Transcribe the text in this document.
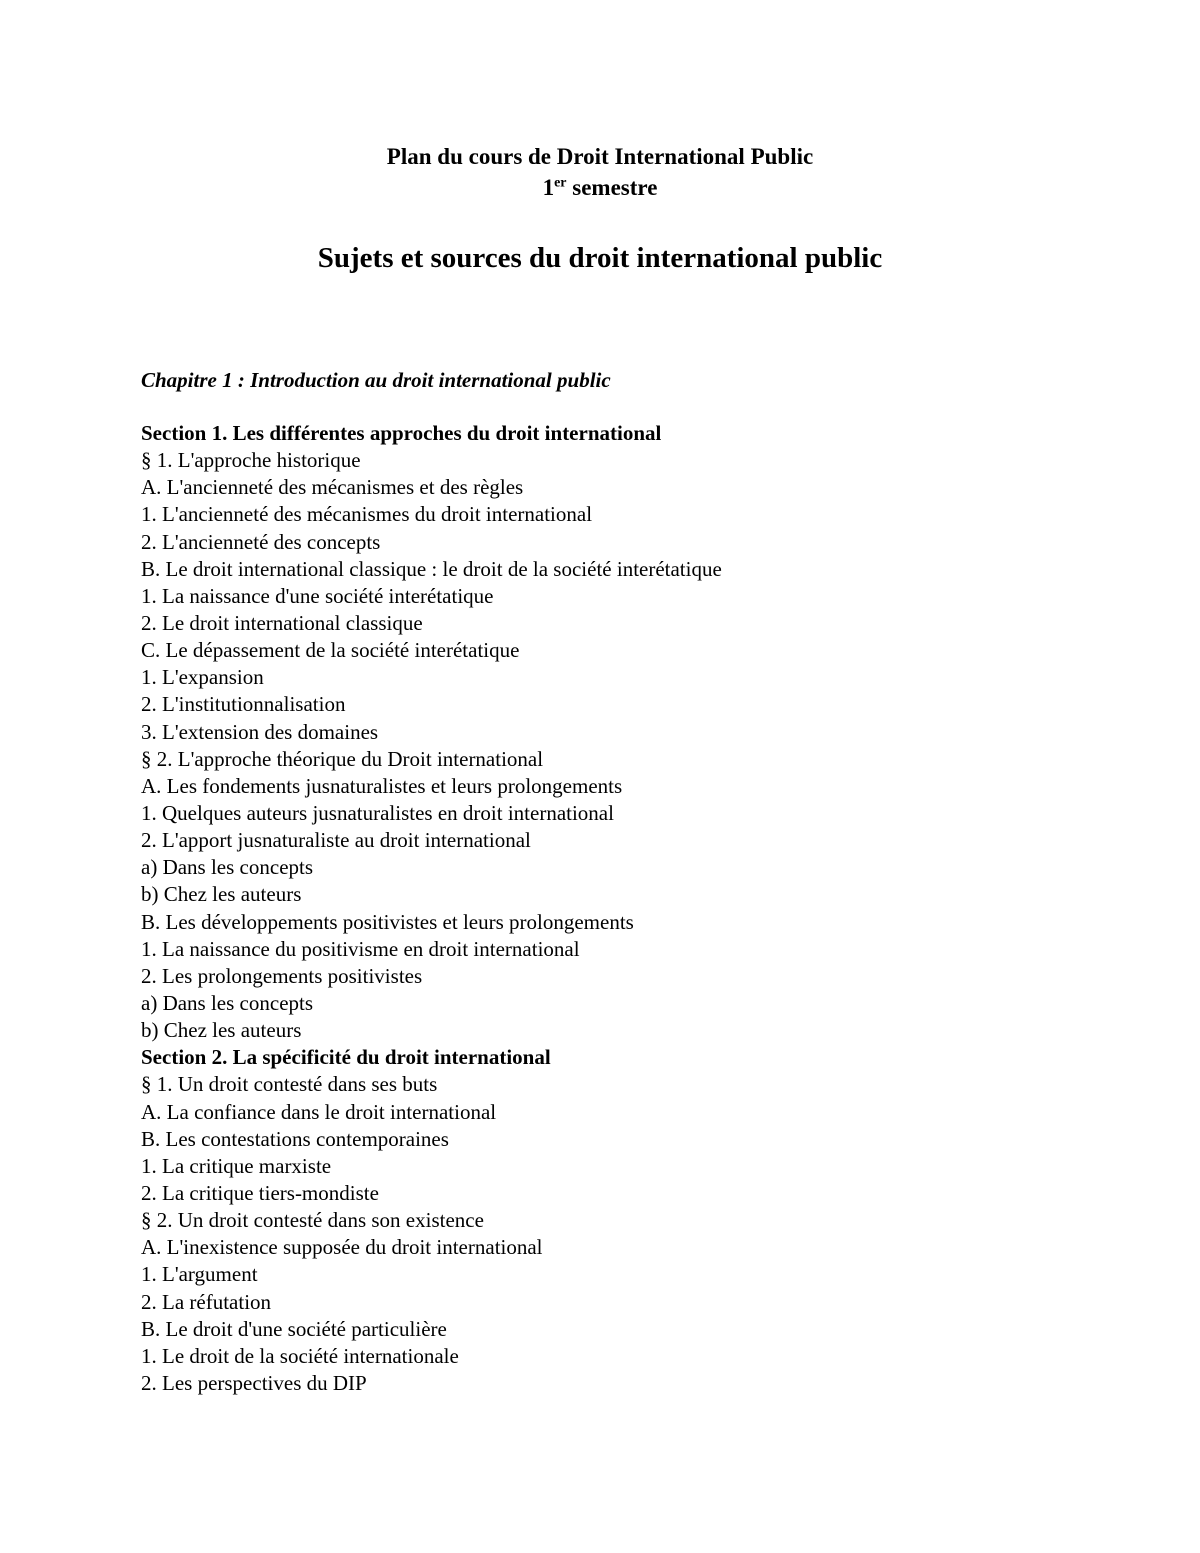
Plan du cours de Droit International Public
1er semestre
Sujets et sources du droit international public
Chapitre 1 : Introduction au droit international public
Section 1. Les différentes approches du droit international
§ 1. L'approche historique
A. L'ancienneté des mécanismes et des règles
1. L'ancienneté des mécanismes du droit international
2. L'ancienneté des concepts
B. Le droit international classique : le droit de la société interétatique
1. La naissance d'une société interétatique
2. Le droit international classique
C. Le dépassement de la société interétatique
1. L'expansion
2. L'institutionnalisation
3. L'extension des domaines
§ 2. L'approche théorique du Droit international
A. Les fondements jusnaturalistes et leurs prolongements
1. Quelques auteurs jusnaturalistes en droit international
2. L'apport jusnaturaliste au droit international
a) Dans les concepts
b) Chez les auteurs
B. Les développements positivistes et leurs prolongements
1. La naissance du positivisme en droit international
2. Les prolongements positivistes
a) Dans les concepts
b) Chez les auteurs
Section 2. La spécificité du droit international
§ 1. Un droit contesté dans ses buts
A. La confiance dans le droit international
B. Les contestations contemporaines
1. La critique marxiste
2. La critique tiers-mondiste
§ 2. Un droit contesté dans son existence
A. L'inexistence supposée du droit international
1. L'argument
2. La réfutation
B. Le droit d'une société particulière
1. Le droit de la société internationale
2. Les perspectives du DIP
